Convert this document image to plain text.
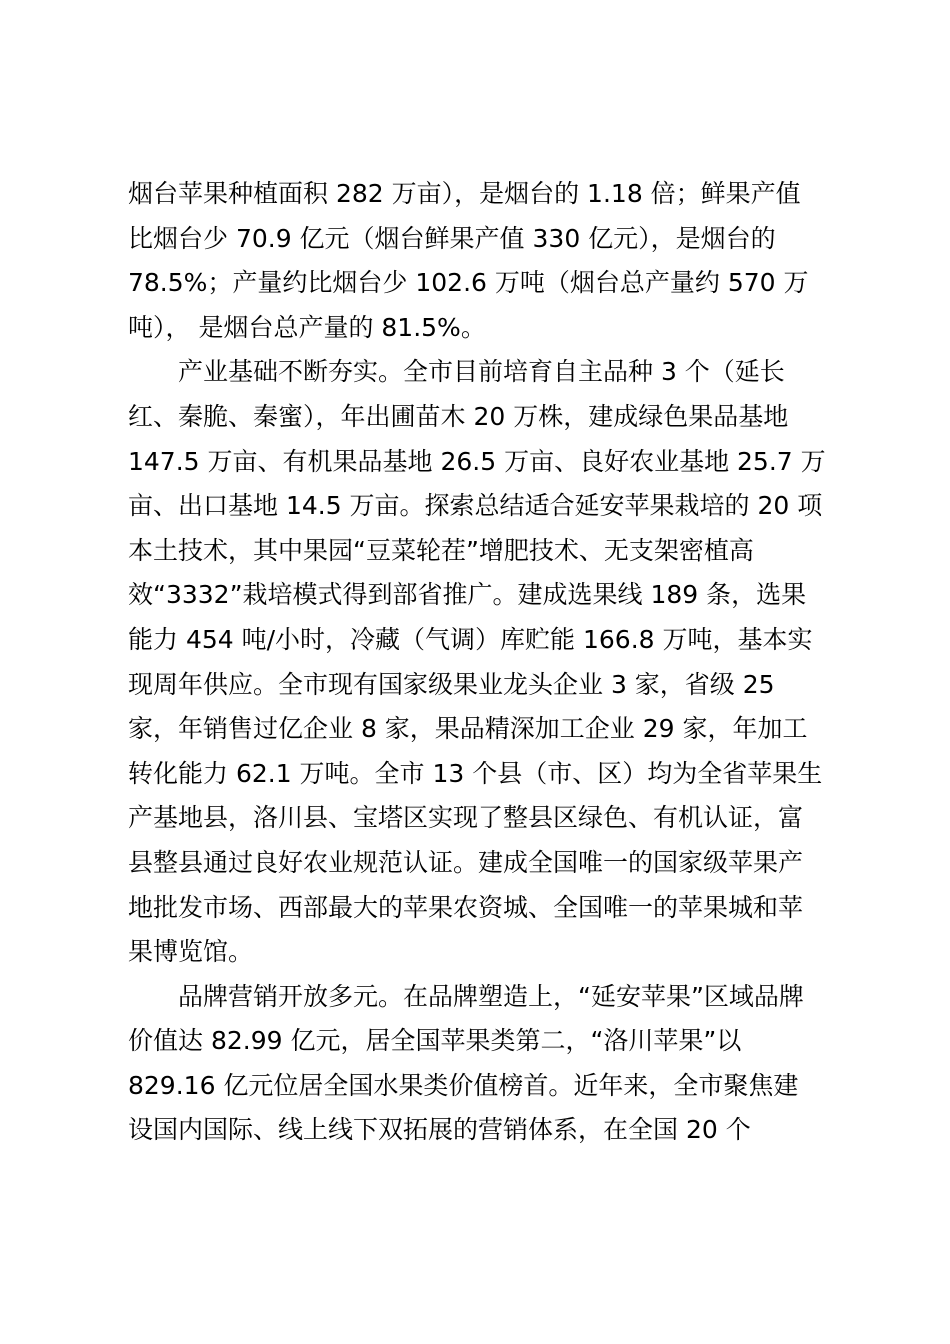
烟台苹果种植面积 282 万亩），是烟台的 1.18 倍；鲜果产值
比烟台少 70.9 亿元（烟台鲜果产值 330 亿元），是烟台的
78.5%；产量约比烟台少 102.6 万吨（烟台总产量约 570 万
吨）， 是烟台总产量的 81.5%。
产业基础不断夯实。全市目前培育自主品种 3 个（延长
红、秦脆、秦蜜），年出圃苗木 20 万株，建成绿色果品基地
147.5 万亩、有机果品基地 26.5 万亩、良好农业基地 25.7 万
亩、出口基地 14.5 万亩。探索总结适合延安苹果栽培的 20 项
本土技术，其中果园“豆菜轮茬”增肥技术、无支架密植高
效“3332”栽培模式得到部省推广。建成选果线 189 条，选果
能力 454 吨/小时，冷藏（气调）库贮能 166.8 万吨，基本实
现周年供应。全市现有国家级果业龙头企业 3 家，省级 25
家，年销售过亿企业 8 家，果品精深加工企业 29 家，年加工
转化能力 62.1 万吨。全市 13 个县（市、区）均为全省苹果生
产基地县，洛川县、宝塔区实现了整县区绿色、有机认证，富
县整县通过良好农业规范认证。建成全国唯一的国家级苹果产
地批发市场、西部最大的苹果农资城、全国唯一的苹果城和苹
果博览馆。
品牌营销开放多元。在品牌塑造上，“延安苹果”区域品牌
价值达 82.99 亿元，居全国苹果类第二，“洛川苹果”以
829.16 亿元位居全国水果类价值榜首。近年来，全市聚焦建
设国内国际、线上线下双拓展的营销体系，在全国 20 个
